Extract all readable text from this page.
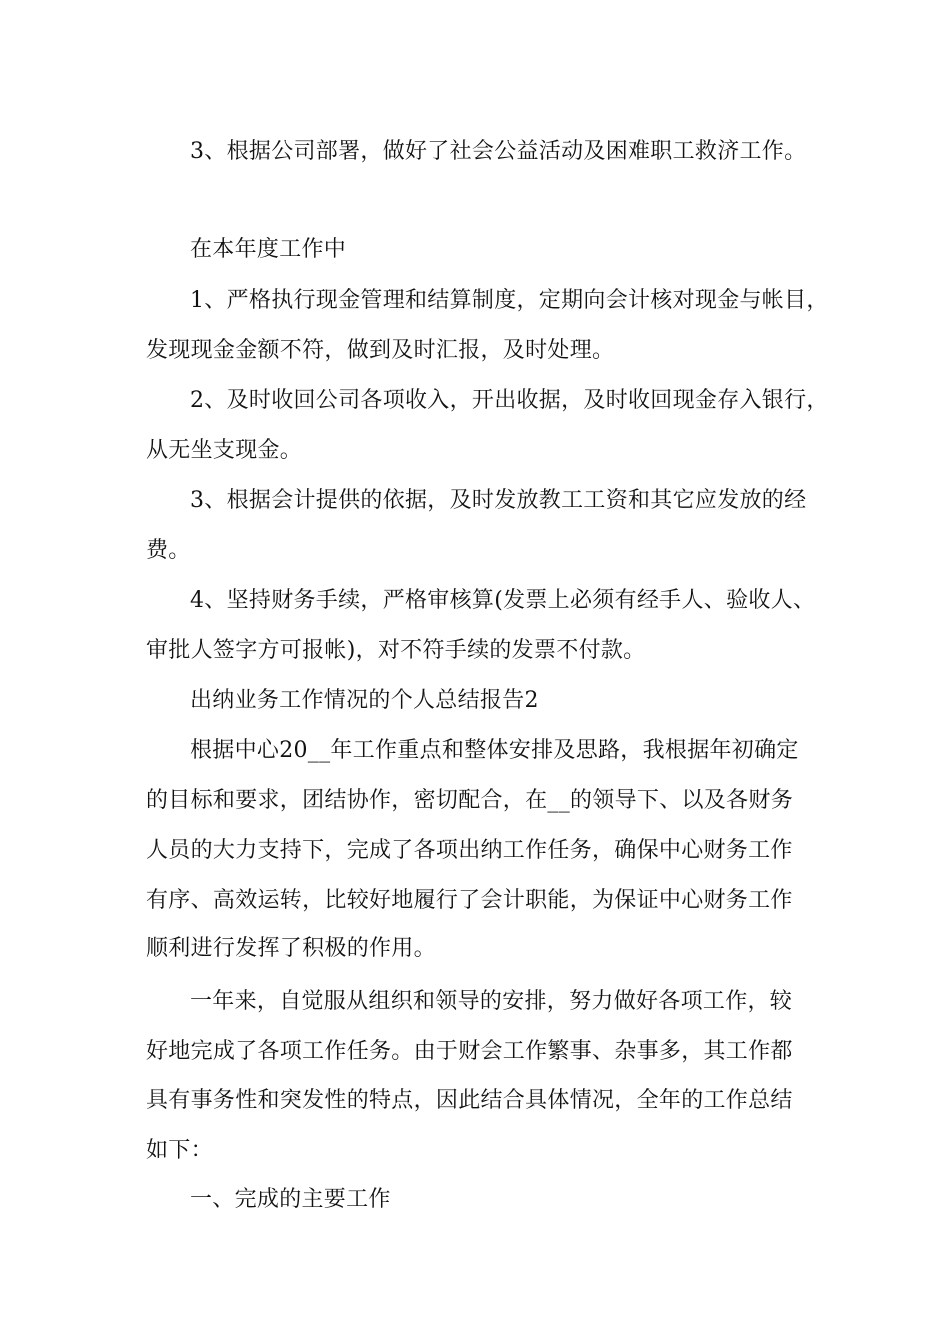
3、根据公司部署，做好了社会公益活动及困难职工救济工作。
在本年度工作中
1、严格执行现金管理和结算制度，定期向会计核对现金与帐目，
发现现金金额不符，做到及时汇报，及时处理。
2、及时收回公司各项收入，开出收据，及时收回现金存入银行，
从无坐支现金。
3、根据会计提供的依据，及时发放教工工资和其它应发放的经
费。
4、坚持财务手续，严格审核算(发票上必须有经手人、验收人、
审批人签字方可报帐)，对不符手续的发票不付款。
出纳业务工作情况的个人总结报告2
根据中心20__年工作重点和整体安排及思路，我根据年初确定
的目标和要求，团结协作，密切配合，在__的领导下、以及各财务
人员的大力支持下，完成了各项出纳工作任务，确保中心财务工作
有序、高效运转，比较好地履行了会计职能，为保证中心财务工作
顺利进行发挥了积极的作用。
一年来，自觉服从组织和领导的安排，努力做好各项工作，较
好地完成了各项工作任务。由于财会工作繁事、杂事多，其工作都
具有事务性和突发性的特点，因此结合具体情况，全年的工作总结
如下：
一、完成的主要工作
